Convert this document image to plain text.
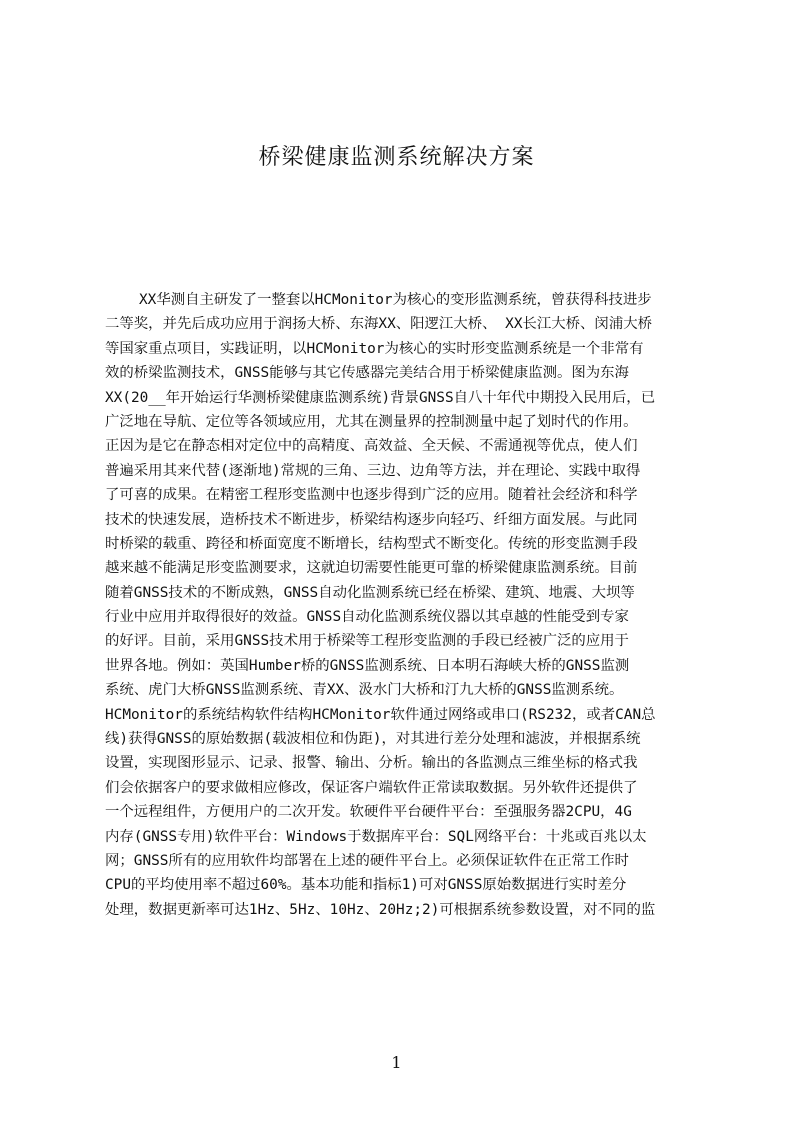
桥梁健康监测系统解决方案
XX华测自主研发了一整套以HCMonitor为核心的变形监测系统，曾获得科技进步
二等奖，并先后成功应用于润扬大桥、东海XX、阳逻江大桥、 XX长江大桥、闵浦大桥
等国家重点项目，实践证明，以HCMonitor为核心的实时形变监测系统是一个非常有
效的桥梁监测技术，GNSS能够与其它传感器完美结合用于桥梁健康监测。图为东海
XX(20__年开始运行华测桥梁健康监测系统)背景GNSS自八十年代中期投入民用后，已
广泛地在导航、定位等各领域应用，尤其在测量界的控制测量中起了划时代的作用。
正因为是它在静态相对定位中的高精度、高效益、全天候、不需通视等优点，使人们
普遍采用其来代替(逐渐地)常规的三角、三边、边角等方法，并在理论、实践中取得
了可喜的成果。在精密工程形变监测中也逐步得到广泛的应用。随着社会经济和科学
技术的快速发展，造桥技术不断进步，桥梁结构逐步向轻巧、纤细方面发展。与此同
时桥梁的载重、跨径和桥面宽度不断增长，结构型式不断变化。传统的形变监测手段
越来越不能满足形变监测要求，这就迫切需要性能更可靠的桥梁健康监测系统。目前
随着GNSS技术的不断成熟，GNSS自动化监测系统已经在桥梁、建筑、地震、大坝等
行业中应用并取得很好的效益。GNSS自动化监测系统仪器以其卓越的性能受到专家
的好评。目前，采用GNSS技术用于桥梁等工程形变监测的手段已经被广泛的应用于
世界各地。例如：英国Humber桥的GNSS监测系统、日本明石海峡大桥的GNSS监测
系统、虎门大桥GNSS监测系统、青XX、汲水门大桥和汀九大桥的GNSS监测系统。
HCMonitor的系统结构软件结构HCMonitor软件通过网络或串口(RS232，或者CAN总
线)获得GNSS的原始数据(载波相位和伪距)，对其进行差分处理和滤波，并根据系统
设置，实现图形显示、记录、报警、输出、分析。输出的各监测点三维坐标的格式我
们会依据客户的要求做相应修改，保证客户端软件正常读取数据。另外软件还提供了
一个远程组件，方便用户的二次开发。软硬件平台硬件平台：至强服务器2CPU，4G
内存(GNSS专用)软件平台：Windows于数据库平台：SQL网络平台：十兆或百兆以太
网；GNSS所有的应用软件均部署在上述的硬件平台上。必须保证软件在正常工作时
CPU的平均使用率不超过60%。基本功能和指标1)可对GNSS原始数据进行实时差分
处理，数据更新率可达1Hz、5Hz、10Hz、20Hz;2)可根据系统参数设置，对不同的监
1
